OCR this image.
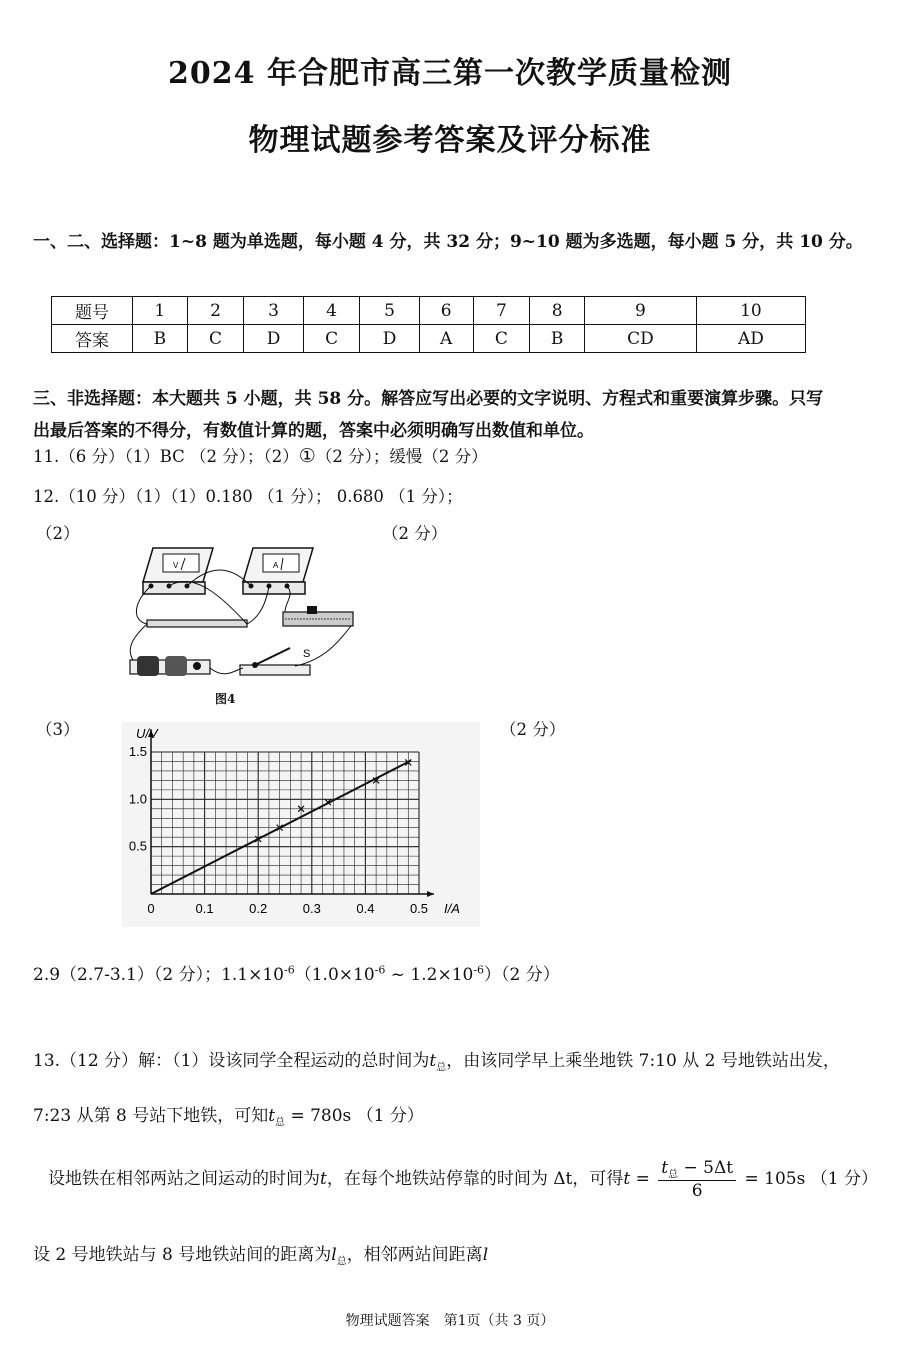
2024 年合肥市高三第一次教学质量检测
物理试题参考答案及评分标准
一、二、选择题：1~8 题为单选题，每小题 4 分，共 32 分；9~10 题为多选题，每小题 5 分，共 10 分。
题号	1	2	3	4	5	6	7	8	9	10
答案	B	C	D	C	D	A	C	B	CD	AD
三、非选择题：本大题共 5 小题，共 58 分。解答应写出必要的文字说明、方程式和重要演算步骤。只写
出最后答案的不得分，有数值计算的题，答案中必须明确写出数值和单位。
11.（6 分）（1）BC （2 分）；（2）①（2 分）；缓慢（2 分）
12.（10 分）（1）（1）0.180 （1 分）； 0.680 （1 分）；
（2）	（2 分）
V	A
S
图4
（3）	（2 分）
0	0.1	0.2	0.3	0.4	0.5
0.5
1.0
1.5
U/V
I/A
2.9（2.7-3.1）（2 分）；$1.1\times 10^{-6}(1.0\times 10^{-6}$ ~ $1.2\times 10^{-6})(2$ 分）
13.（12 分）解：（1）设该同学全程运动的总时间为$t_总$，由该同学早上乘坐地铁 7:10 从 2 号地铁站出发，
7:23 从第 8 号站下地铁，可知$t_总 = 780s$ （1 分）
设地铁在相邻两站之间运动的时间为t，在每个地铁站停靠的时间为 Δt，可得$t = \frac{t_总 - 5\Delta t}{6} = 105s$ （1 分）
设 2 号地铁站与 8 号地铁站间的距离为$l_总$，相邻两站间距离l
物理试题答案　第1页（共 3 页）
